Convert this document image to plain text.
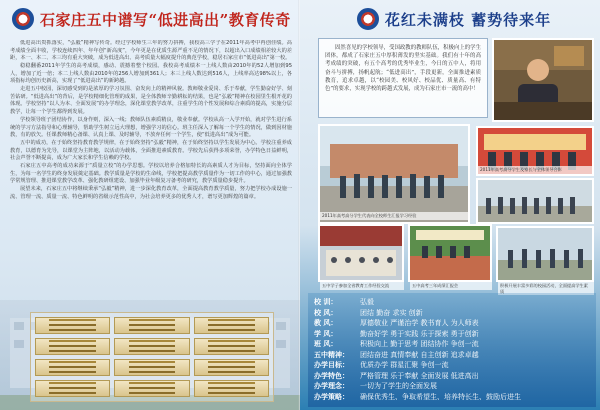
石家庄五中谱写“低进高出”教育传奇

低进高出贵抓落实，“弘毅”精神写传奇。经过学校师生三年的努力拼搏，我校高三学子在2011年高考中再创佳绩。高考成绩全面丰收，学校连续四年、年年创“新高度”，今年更是在优质生源严重不足的情况下，以超出入口成绩相差较大的差距，本一、本二、本三均有重大突破，成为低进高出、高考质量大幅度提升的典范学校，稳居石家庄市“低进高出”第一校。

稳稳翻番2011年学生的高考成绩，感动、震撼着整个校园。我校高考成绩本一上线人数由2010年的52人增加到95人，增加了近一倍；本二上线人数由2010年的256人增加到361人；本三上线人数达到516人，上线率高达98%以上，各项指标均创历史新高，实现了“低进高出”的新跨越。

走进五中校园，深切感受到的是浓厚的学习氛围、奋发向上的精神风貌。教师敬业爱岗、乐于奉献，学生勤奋好学、刻苦钻研。“低进高出”的背后，是学校精细化管理的成果，是全体教师辛勤耕耘的结果，也是“弘毅”精神在校园里生根开花的体现。学校坚持“以人为本、全面发展”的办学理念，深化课堂教学改革，注重学生的个性发展和综合素质的提高，实施分层教学，让每一个学生都得到发展。

学校领导班子团结协作，以身作则，深入一线；教师队伍素质精良，敬业奉献。学校从高一入学开始，就对学生进行系统的学习方法指导和心理辅导，帮助学生树立远大理想，增强学习的信心。班主任深入了解每一个学生的情况，做到因材施教，有的放矢。任课教师精心备课、认真上课、及时辅导，不放弃任何一个学生，使“低进高出”成为可能。

五中的成功，在于始终坚持教育教学规律，在于始终坚持“弘毅”精神，在于始终坚持以学生发展为中心。学校注重养成教育，以德育为先导，以课堂为主阵地，以活动为载体，全面推进素质教育。学校先后获得多项荣誉，办学特色日益鲜明，社会声誉不断提高，成为广大家长和学生信赖的学校。

石家庄五中高考的成功来源于“质量立校”的办学思想。学校以培养合格加特长的高素质人才为目标，坚持面向全体学生，为每一名学生的终身发展奠定基础。教学质量是学校的生命线，学校把提高教学质量作为一切工作的中心，通过加强教学常规管理、推进课堂教学改革、强化教研组建设、加强毕业年级复习备考的研究，教学质量稳步提升。

展望未来，石家庄五中将继续秉承“弘毅”精神，进一步深化教育改革，全面提高教育教学质量，努力把学校办成设施一流、管理一流、质量一流、特色鲜明的省级示范性高中，为社会培养更多的优秀人才，谱写更加辉煌的篇章。

花红未满枝 蓄势待来年
固然喜见的学校领导，受国政教的教师队伍，积极向上的学生团体，都成了石家庄五中厚积薄发的坚实基础。我们有十年的高考成绩的突破，有五个高考的优秀毕业生，今日的五中人，将用奋斗与拼搏，扬帆起航；“低进高出”，手段更新，全面推进素质教育，追求卓越，以“校园美、校风好、校品优、质量高、有特色”的要求，实现学校的跨越式发展，成为石家庄市一流的高中！
2011年高考高分学生代表向全校师生汇报学习经验
2011年高考高分学生及家长与全体领导合影
五中学子参加全省教育工作经验交流	五中高考三年成绩汇报会	积极开展丰富多彩的校园活动，全面提高学生素质
校 训：	弘毅
校 风：	团结 勤奋 求实 创新
教 风：	厚德敬业 严谨治学 教书育人 为人师表
学 风：	勤奋好学 勇于实践 乐于探索 勇于创新
班 风：	积极向上 勤于思考 团结协作 争创一流
五中精神：	团结奋进 真情奉献 自主创新 追求卓越
办学目标：	优质办学 群星汇聚 争创一流
办学特色：	严格管理 乐于奉献 全面发展 低进高出
办学理念：	一切为了学生的全面发展
办学策略：	确保优秀生、争取希望生、培养特长生、鼓励后进生
